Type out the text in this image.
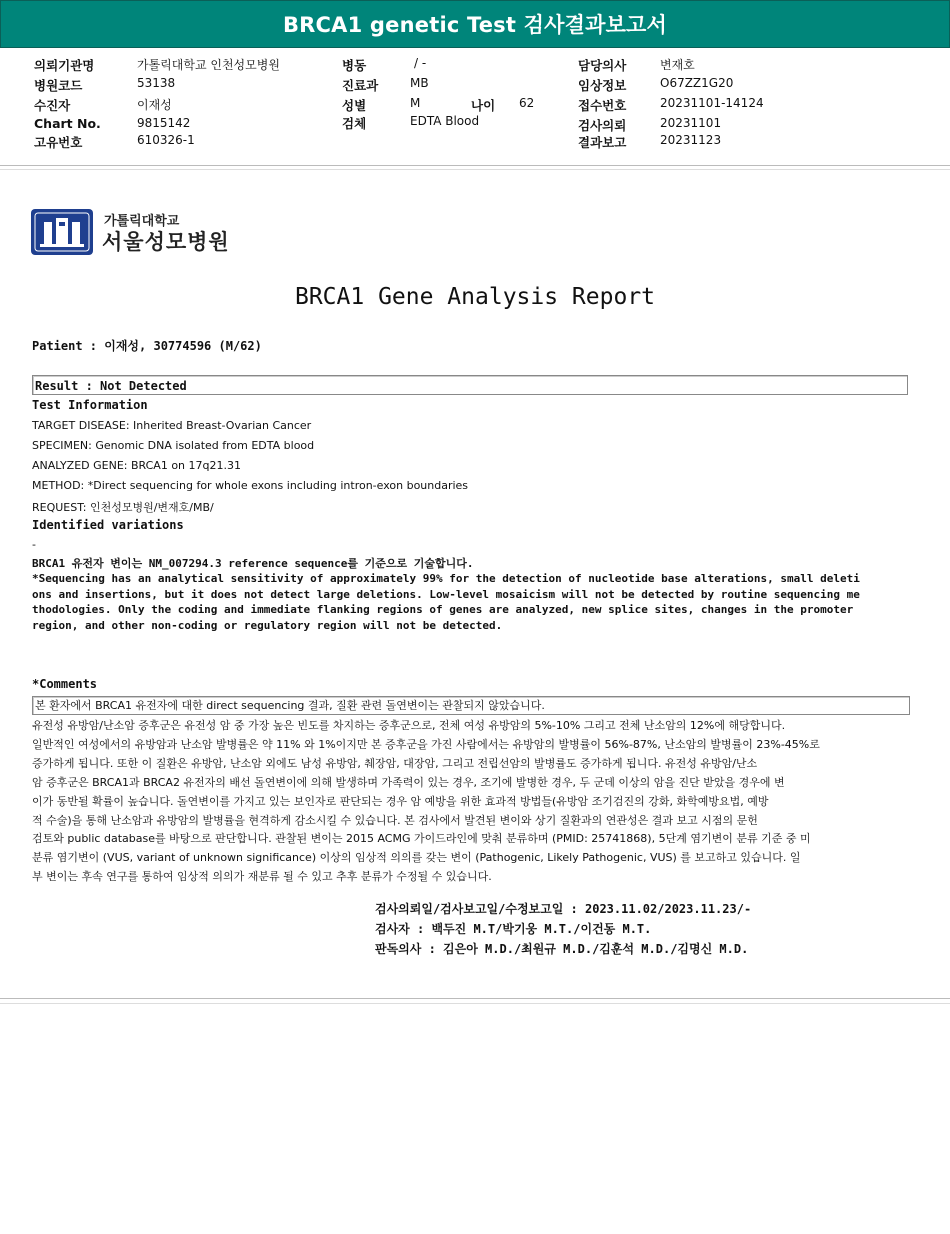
BRCA1 genetic Test 검사결과보고서
의뢰기관명	가톨릭대학교 인천성모병원
병원코드	53138
수진자	이재성
Chart No.	9815142
고유번호	610326-1
병동	/ -
진료과	MB
성별	M	나이 62
검체	EDTA Blood
담당의사	변재호
임상정보	O67ZZ1G20
접수번호	20231101-14124
검사의뢰	20231101
결과보고	20231123
가톨릭대학교
서울성모병원
BRCA1 Gene Analysis Report
Patient : 이재성, 30774596 (M/62)
Result : Not Detected
Test Information
TARGET DISEASE: Inherited Breast-Ovarian Cancer
SPECIMEN: Genomic DNA isolated from EDTA blood
ANALYZED GENE: BRCA1 on 17q21.31
METHOD: *Direct sequencing for whole exons including intron-exon boundaries
REQUEST: 인천성모병원/변재호/MB/
Identified variations
-
BRCA1 유전자 변이는 NM_007294.3 reference sequence를 기준으로 기술합니다.
*Sequencing has an analytical sensitivity of approximately 99% for the detection of nucleotide base alterations, small deleti
ons and insertions, but it does not detect large deletions. Low-level mosaicism will not be detected by routine sequencing me
thodologies. Only the coding and immediate flanking regions of genes are analyzed, new splice sites, changes in the promoter
region, and other non-coding or regulatory region will not be detected.
*Comments
본 환자에서 BRCA1 유전자에 대한 direct sequencing 결과, 질환 관련 돌연변이는 관찰되지 않았습니다.
유전성 유방암/난소암 증후군은 유전성 암 중 가장 높은 빈도를 차지하는 증후군으로, 전체 여성 유방암의 5%-10% 그리고 전체 난소암의 12%에 해당합니다.
일반적인 여성에서의 유방암과 난소암 발병률은 약 11% 와 1%이지만 본 증후군을 가진 사람에서는 유방암의 발병률이 56%-87%, 난소암의 발병률이 23%-45%로
증가하게 됩니다. 또한 이 질환은 유방암, 난소암 외에도 남성 유방암, 췌장암, 대장암, 그리고 전립선암의 발병률도 증가하게 됩니다. 유전성 유방암/난소
암 증후군은 BRCA1과 BRCA2 유전자의 배선 돌연변이에 의해 발생하며 가족력이 있는 경우, 조기에 발병한 경우, 두 군데 이상의 암을 진단 받았을 경우에 변
이가 동반될 확률이 높습니다. 돌연변이를 가지고 있는 보인자로 판단되는 경우 암 예방을 위한 효과적 방법들(유방암 조기검진의 강화, 화학예방요법, 예방
적 수술)을 통해 난소암과 유방암의 발병률을 현격하게 감소시킬 수 있습니다. 본 검사에서 발견된 변이와 상기 질환과의 연관성은 결과 보고 시점의 문헌
검토와 public database를 바탕으로 판단합니다. 관찰된 변이는 2015 ACMG 가이드라인에 맞춰 분류하며 (PMID: 25741868), 5단계 염기변이 분류 기준 중 미
분류 염기변이 (VUS, variant of unknown significance) 이상의 임상적 의의를 갖는 변이 (Pathogenic, Likely Pathogenic, VUS) 를 보고하고 있습니다. 일
부 변이는 후속 연구를 통하여 임상적 의의가 재분류 될 수 있고 추후 분류가 수정될 수 있습니다.
검사의뢰일/검사보고일/수정보고일 : 2023.11.02/2023.11.23/-
검사자 : 백두진 M.T/박기웅 M.T./이건동 M.T.
판독의사 : 김은아 M.D./최원규 M.D./김훈석 M.D./김명신 M.D.
